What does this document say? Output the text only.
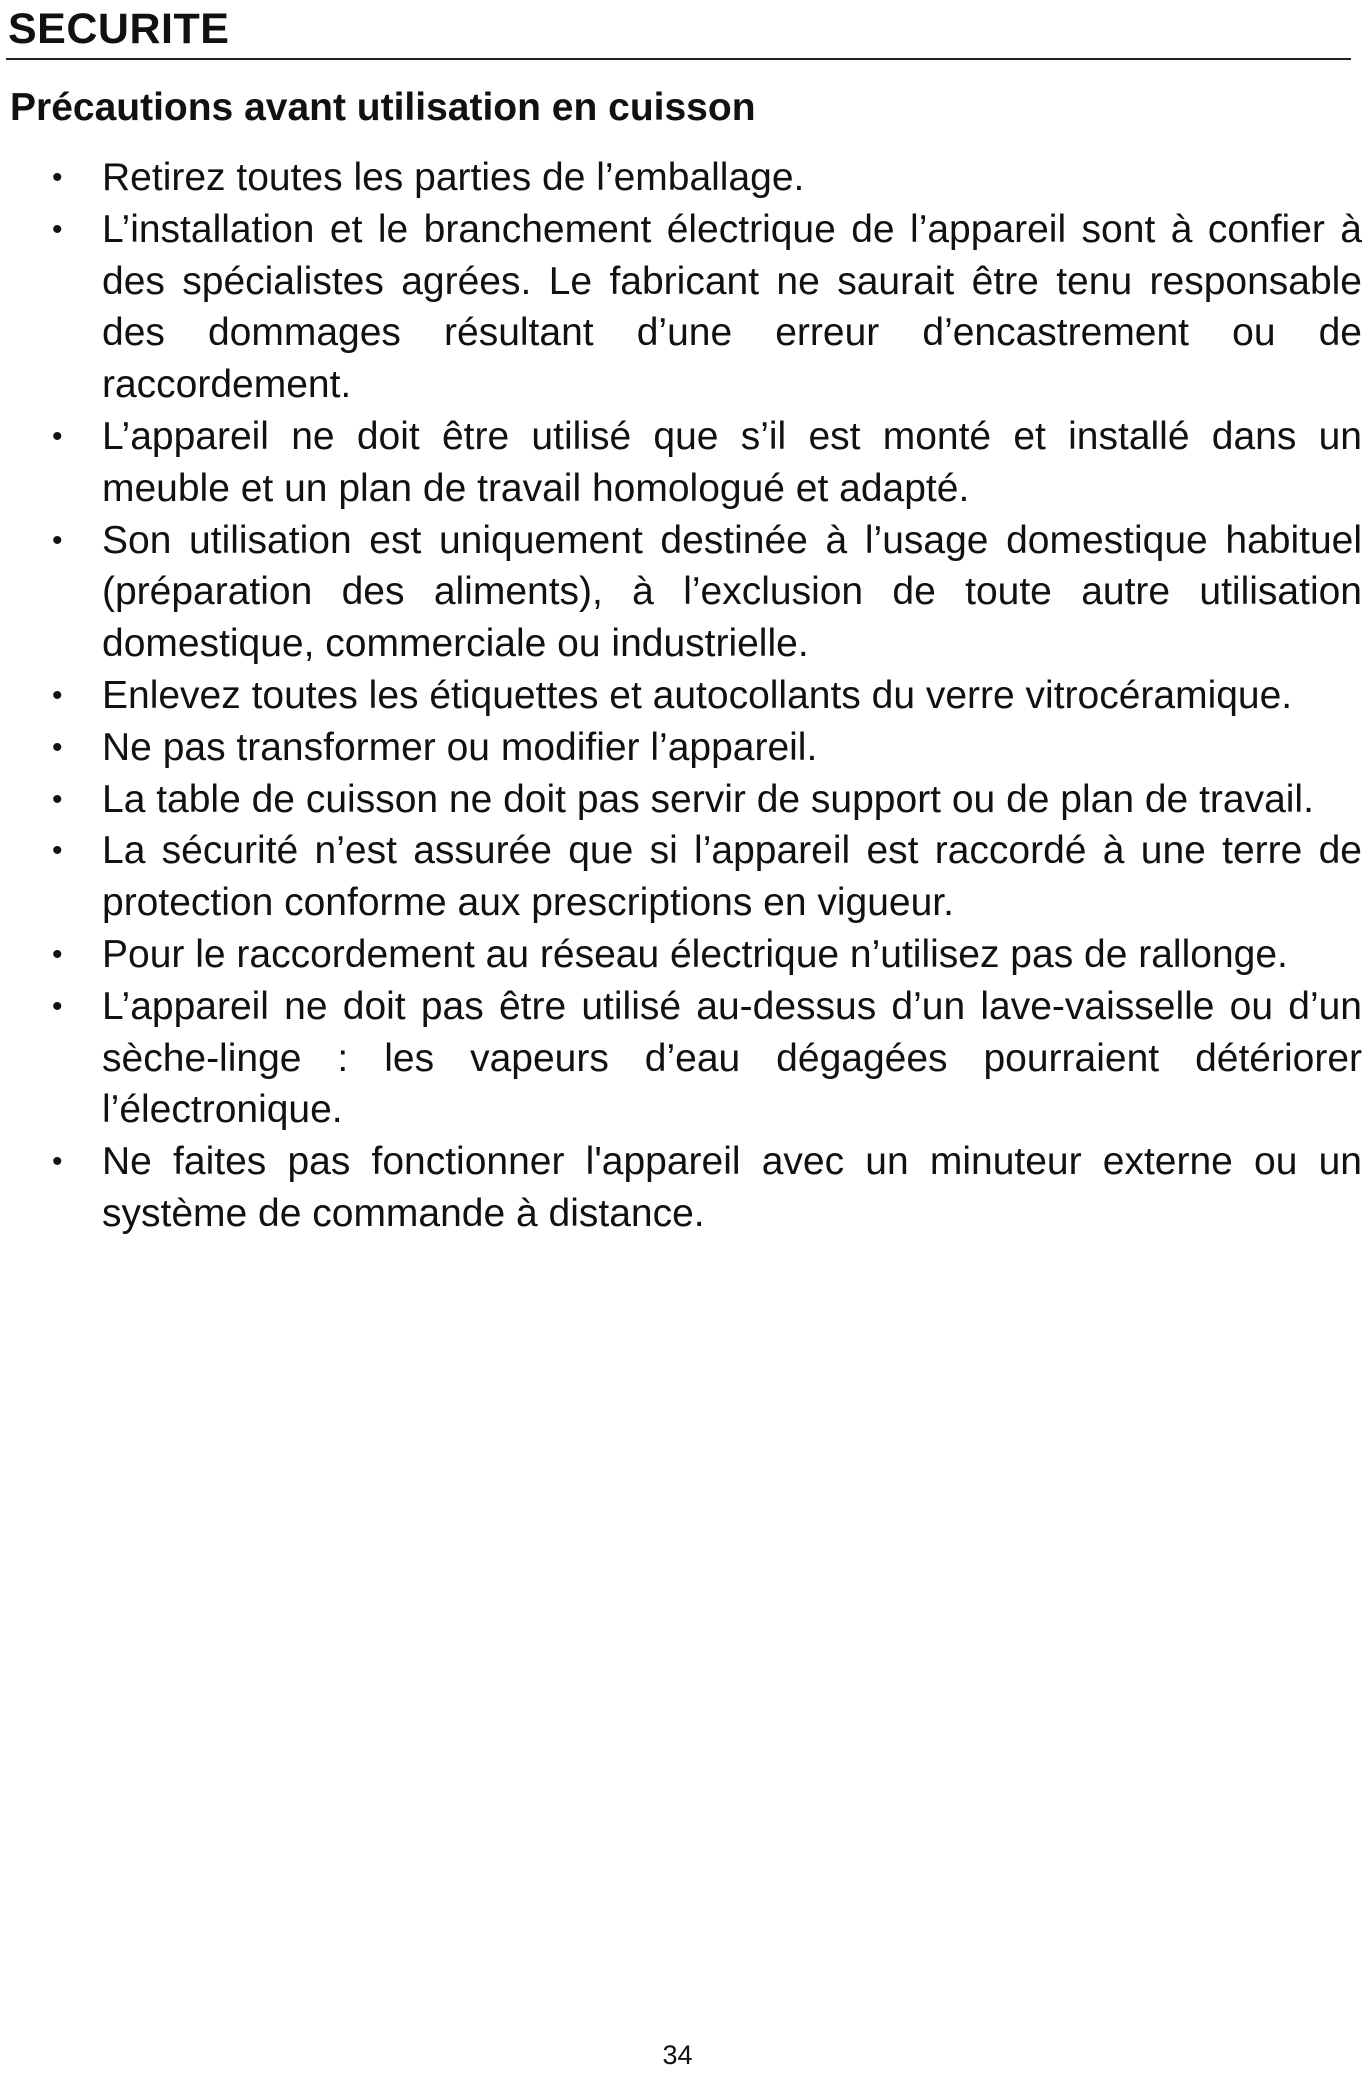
SECURITE
Précautions avant utilisation en cuisson
•	Retirez toutes les parties de l’emballage.
•	L’installation et le branchement électrique de l’appareil sont à confier à des spécialistes agrées. Le fabricant ne saurait être tenu responsable des dommages résultant d’une erreur d’encastrement ou de raccordement.
•	L’appareil ne doit être utilisé que s’il est monté et installé dans un meuble et un plan de travail homologué et adapté.
•	Son utilisation est uniquement destinée à l’usage domestique habituel (préparation des aliments), à l’exclusion de toute autre utilisation domestique, commerciale ou industrielle.
•	Enlevez toutes les étiquettes et autocollants du verre vitrocéramique.
•	Ne pas transformer ou modifier l’appareil.
•	La table de cuisson ne doit pas servir de support ou de plan de travail.
•	La sécurité n’est assurée que si l’appareil est raccordé à une terre de protection conforme aux prescriptions en vigueur.
•	Pour le raccordement au réseau électrique n’utilisez pas de rallonge.
•	L’appareil ne doit pas être utilisé au-dessus d’un lave-vaisselle ou d’un sèche-linge : les vapeurs d’eau dégagées pourraient détériorer l’électronique.
•	Ne faites pas fonctionner l'appareil avec un minuteur externe ou un système de commande à distance.
34
